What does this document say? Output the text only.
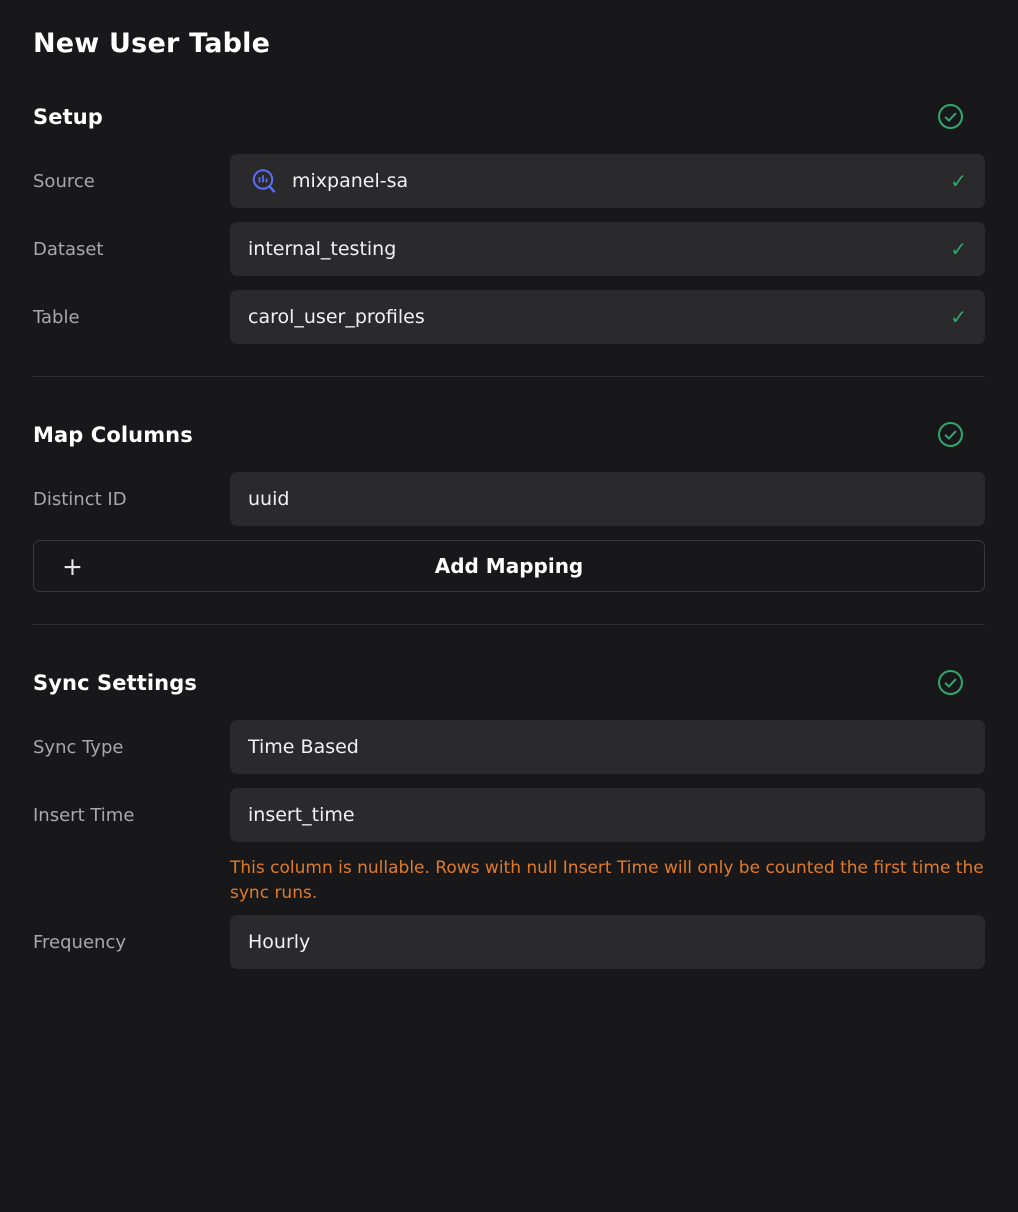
New User Table
Setup
Source	mixpanel-sa	✓
Dataset	internal_testing	✓
Table	carol_user_profiles	✓
Map Columns
Distinct ID	uuid
+	Add Mapping
Sync Settings
Sync Type	Time Based
Insert Time	insert_time
This column is nullable. Rows with null Insert Time will only be counted the first time the sync runs.
Frequency	Hourly
